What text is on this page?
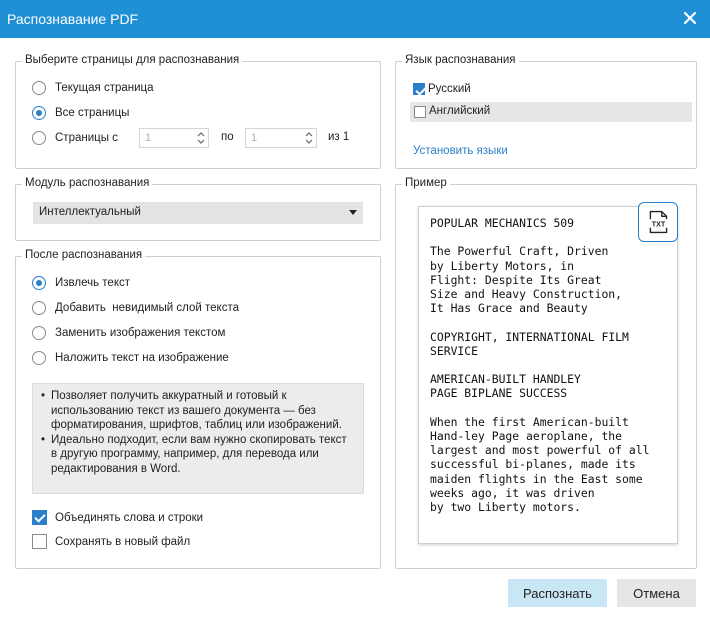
Распознавание PDF
Выберите страницы для распознавания
Текущая страница
Все страницы
Страницы с 1	по 1	из 1
Язык распознавания
Русский
Английский
Установить языки
Модуль распознавания
Интеллектуальный
После распознавания
Извлечь текст
Добавить  невидимый слой текста
Заменить изображения текстом
Наложить текст на изображение
• Позволяет получить аккуратный и готовый к использованию текст из вашего документа — без форматирования, шрифтов, таблиц или изображений.
• Идеально подходит, если вам нужно скопировать текст в другую программу, например, для перевода или редактирования в Word.
Объединять слова и строки
Сохранять в новый файл
Пример
POPULAR MECHANICS 509

The Powerful Craft, Driven
by Liberty Motors, in
Flight: Despite Its Great
Size and Heavy Construction,
It Has Grace and Beauty

COPYRIGHT, INTERNATIONAL FILM
SERVICE

AMERICAN-BUILT HANDLEY
PAGE BIPLANE SUCCESS

When the first American-built
Hand-ley Page aeroplane, the
largest and most powerful of all
successful bi-planes, made its
maiden flights in the East some
weeks ago, it was driven
by two Liberty motors.
TXT
Распознать	Отмена
